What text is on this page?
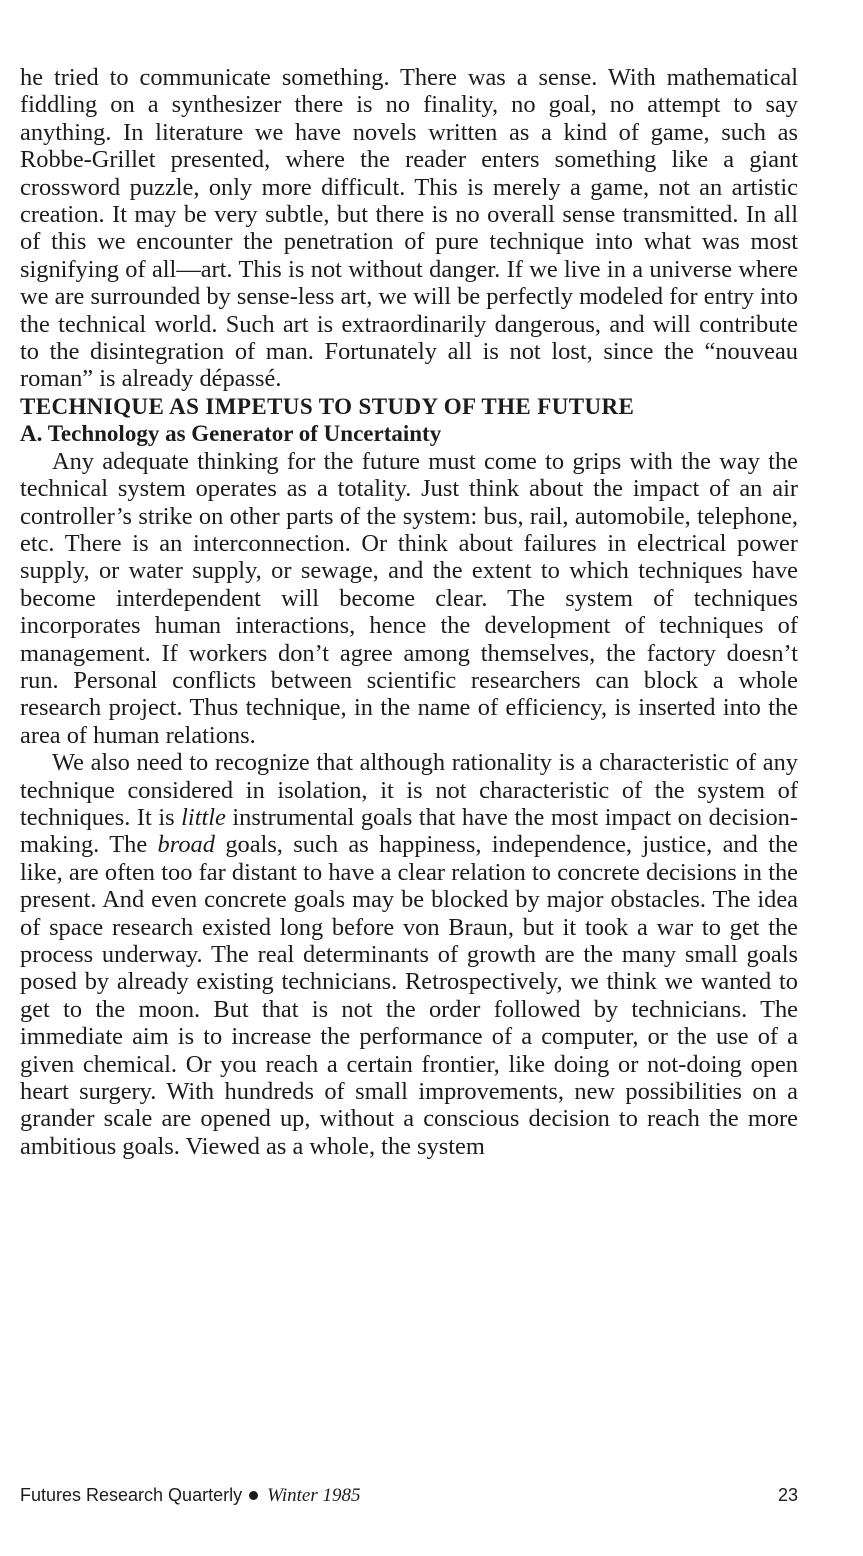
he tried to communicate something. There was a sense. With mathematical fiddling on a synthesizer there is no finality, no goal, no attempt to say anything. In literature we have novels written as a kind of game, such as Robbe-Grillet presented, where the reader enters something like a giant crossword puzzle, only more difficult. This is merely a game, not an artistic creation. It may be very subtle, but there is no overall sense transmitted. In all of this we encounter the penetration of pure technique into what was most signifying of all—art. This is not without danger. If we live in a universe where we are surrounded by sense-less art, we will be perfectly modeled for entry into the technical world. Such art is extraordinarily dangerous, and will contribute to the disintegration of man. Fortunately all is not lost, since the “nouveau roman” is already dépassé.

TECHNIQUE AS IMPETUS TO STUDY OF THE FUTURE

A. Technology as Generator of Uncertainty

Any adequate thinking for the future must come to grips with the way the technical system operates as a totality. Just think about the impact of an air controller’s strike on other parts of the system: bus, rail, automobile, telephone, etc. There is an interconnection. Or think about failures in electrical power supply, or water supply, or sewage, and the extent to which techniques have become interdependent will become clear. The system of techniques incorporates human interactions, hence the development of techniques of management. If workers don’t agree among themselves, the factory doesn’t run. Personal conflicts between scientific researchers can block a whole research project. Thus technique, in the name of efficiency, is inserted into the area of human relations.

We also need to recognize that although rationality is a characteristic of any technique considered in isolation, it is not characteristic of the system of techniques. It is little instrumental goals that have the most impact on decision-making. The broad goals, such as happiness, independence, justice, and the like, are often too far distant to have a clear relation to concrete decisions in the present. And even concrete goals may be blocked by major obstacles. The idea of space research existed long before von Braun, but it took a war to get the process underway. The real determinants of growth are the many small goals posed by already existing technicians. Retrospectively, we think we wanted to get to the moon. But that is not the order followed by technicians. The immediate aim is to increase the performance of a computer, or the use of a given chemical. Or you reach a certain frontier, like doing or not-doing open heart surgery. With hundreds of small improvements, new possibilities on a grander scale are opened up, without a conscious decision to reach the more ambitious goals. Viewed as a whole, the system

Futures Research Quarterly Winter 1985	23
